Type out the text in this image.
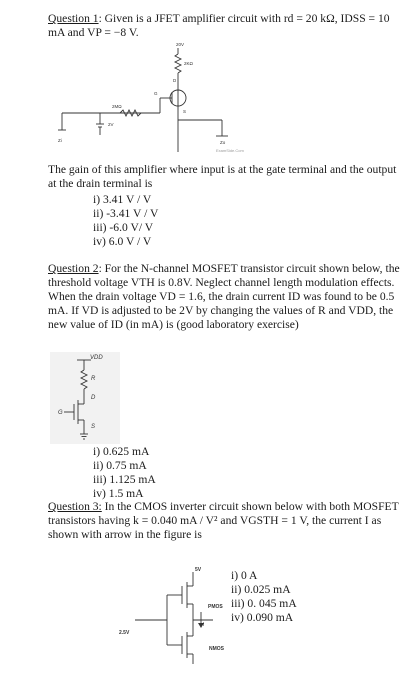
Question 1: Given is a JFET amplifier circuit with rd = 20 kΩ, IDSS = 10 mA and VP = −8 V.
20V
2KΩ
2MΩ
2V
D
G
S
Zi	Zo
ExamSide.Com
The gain of this amplifier where input is at the gate terminal and the output at the drain terminal is
i) 3.41 V / V
ii) -3.41 V / V
iii) -6.0 V/ V
iv) 6.0 V / V
Question 2: For the N-channel MOSFET transistor circuit shown below, the threshold voltage VTH is 0.8V. Neglect channel length modulation effects. When the drain voltage VD = 1.6, the drain current ID was found to be 0.5 mA. If VD is adjusted to be 2V by changing the values of R and VDD, the new value of ID (in mA) is (good laboratory exercise)
VDD
R
D
G
S
i) 0.625 mA
ii) 0.75 mA
iii) 1.125 mA
iv) 1.5 mA
Question 3: In the CMOS inverter circuit shown below with both MOSFET transistors having k = 0.040 mA / V² and VGSTH = 1 V, the current I as shown with arrow in the figure is
I
5V
2.5V
PMOS
NMOS
i) 0 A
ii) 0.025 mA
iii) 0. 045 mA
iv) 0.090 mA
